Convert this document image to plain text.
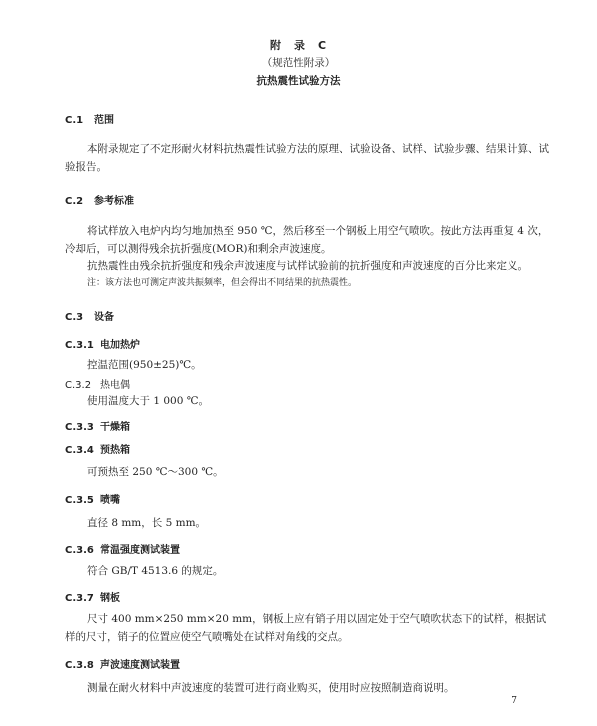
附　录　C
（规范性附录）
抗热震性试验方法
C.1 范围
本附录规定了不定形耐火材料抗热震性试验方法的原理、试验设备、试样、试验步骤、结果计算、试
验报告。
C.2 参考标准
将试样放入电炉内均匀地加热至 950 ℃，然后移至一个钢板上用空气喷吹。按此方法再重复 4 次，
冷却后，可以测得残余抗折强度(MOR)和剩余声波速度。
抗热震性由残余抗折强度和残余声波速度与试样试验前的抗折强度和声波速度的百分比来定义。
注：该方法也可测定声波共振频率，但会得出不同结果的抗热震性。
C.3 设备
C.3.1 电加热炉
控温范围(950±25)℃。
C.3.2 热电偶
使用温度大于 1 000 ℃。
C.3.3 干燥箱
C.3.4 预热箱
可预热至 250 ℃～300 ℃。
C.3.5 喷嘴
直径 8 mm，长 5 mm。
C.3.6 常温强度测试装置
符合 GB/T 4513.6 的规定。
C.3.7 钢板
尺寸 400 mm×250 mm×20 mm，钢板上应有销子用以固定处于空气喷吹状态下的试样，根据试
样的尺寸，销子的位置应使空气喷嘴处在试样对角线的交点。
C.3.8 声波速度测试装置
测量在耐火材料中声波速度的装置可进行商业购买，使用时应按照制造商说明。
7
